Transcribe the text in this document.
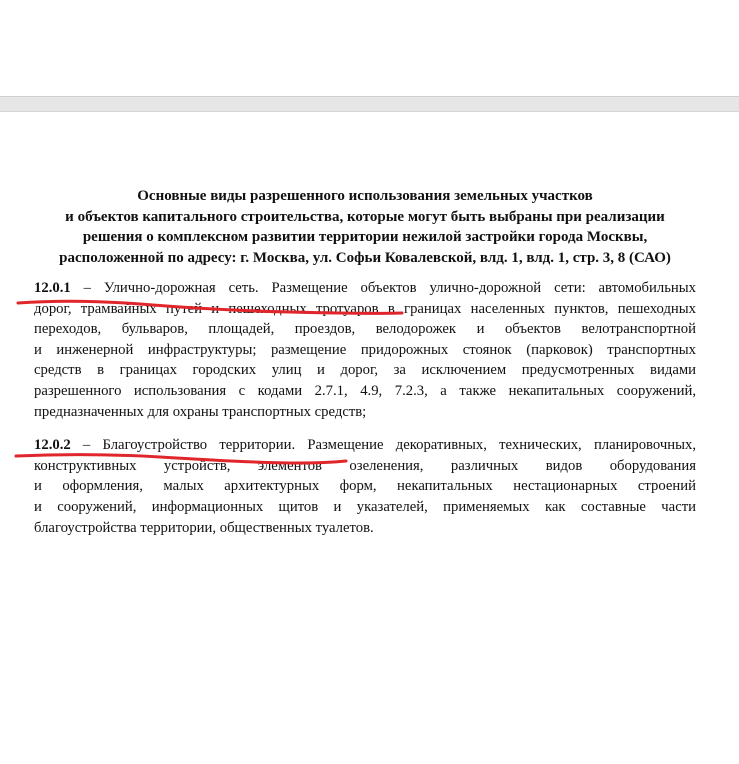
Основные виды разрешенного использования земельных участков
и объектов капитального строительства, которые могут быть выбраны при реализации
решения о комплексном развитии территории нежилой застройки города Москвы,
расположенной по адресу: г. Москва, ул. Софьи Ковалевской, влд. 1, влд. 1, стр. 3, 8 (САО)
12.0.1 – Улично-дорожная сеть. Размещение объектов улично-дорожной сети: автомобильных
дорог, трамвайных путей и пешеходных тротуаров в границах населенных пунктов, пешеходных
переходов, бульваров, площадей, проездов, велодорожек и объектов велотранспортной
и инженерной инфраструктуры; размещение придорожных стоянок (парковок) транспортных
средств в границах городских улиц и дорог, за исключением предусмотренных видами
разрешенного использования с кодами 2.7.1, 4.9, 7.2.3, а также некапитальных сооружений,
предназначенных для охраны транспортных средств;
12.0.2 – Благоустройство территории. Размещение декоративных, технических, планировочных,
конструктивных устройств, элементов озеленения, различных видов оборудования
и оформления, малых архитектурных форм, некапитальных нестационарных строений
и сооружений, информационных щитов и указателей, применяемых как составные части
благоустройства территории, общественных туалетов.
